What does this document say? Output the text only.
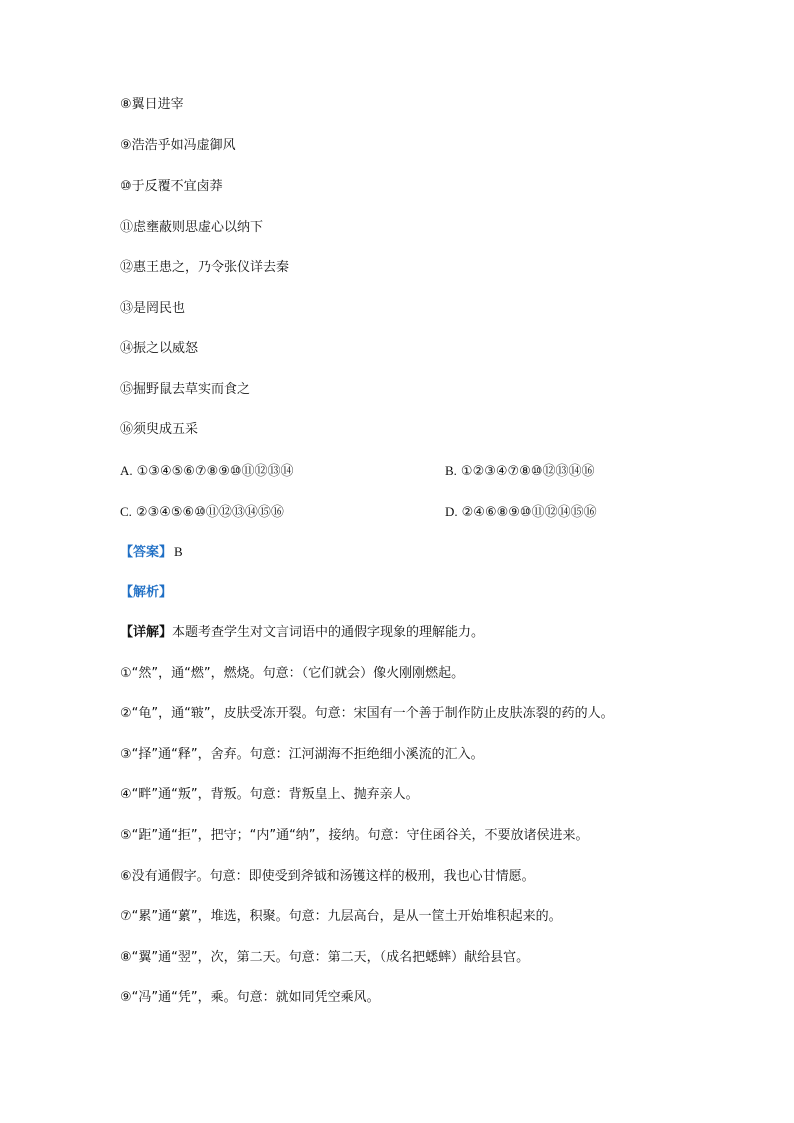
⑧翼日进宰
⑨浩浩乎如冯虚御风
⑩于反覆不宜卤莽
⑪虑壅蔽则思虚心以纳下
⑫惠王患之，乃令张仪详去秦
⑬是罔民也
⑭振之以威怒
⑮掘野鼠去草实而食之
⑯须臾成五采
A. ①③④⑤⑥⑦⑧⑨⑩⑪⑫⑬⑭	B. ①②③④⑦⑧⑩⑫⑬⑭⑯
C. ②③④⑤⑥⑩⑪⑫⑬⑭⑮⑯	D. ②④⑥⑧⑨⑩⑪⑫⑭⑮⑯
【答案】 B
【解析】
【详解】本题考查学生对文言词语中的通假字现象的理解能力。
①“然”，通“燃”，燃烧。句意：（它们就会）像火刚刚燃起。
②“龟”，通“皲”，皮肤受冻开裂。句意：宋国有一个善于制作防止皮肤冻裂的药的人。
③“择”通“释”，舍弃。句意：江河湖海不拒绝细小溪流的汇入。
④“畔”通“叛”，背叛。句意：背叛皇上、抛弃亲人。
⑤“距”通“拒”，把守；“内”通“纳”，接纳。句意：守住函谷关，不要放诸侯进来。
⑥没有通假字。句意：即使受到斧钺和汤镬这样的极刑，我也心甘情愿。
⑦“累”通“蔂”，堆选，积聚。句意：九层高台，是从一筐土开始堆积起来的。
⑧“翼”通“翌”，次，第二天。句意：第二天，（成名把蟋蟀）献给县官。
⑨“冯”通“凭”，乘。句意：就如同凭空乘风。
